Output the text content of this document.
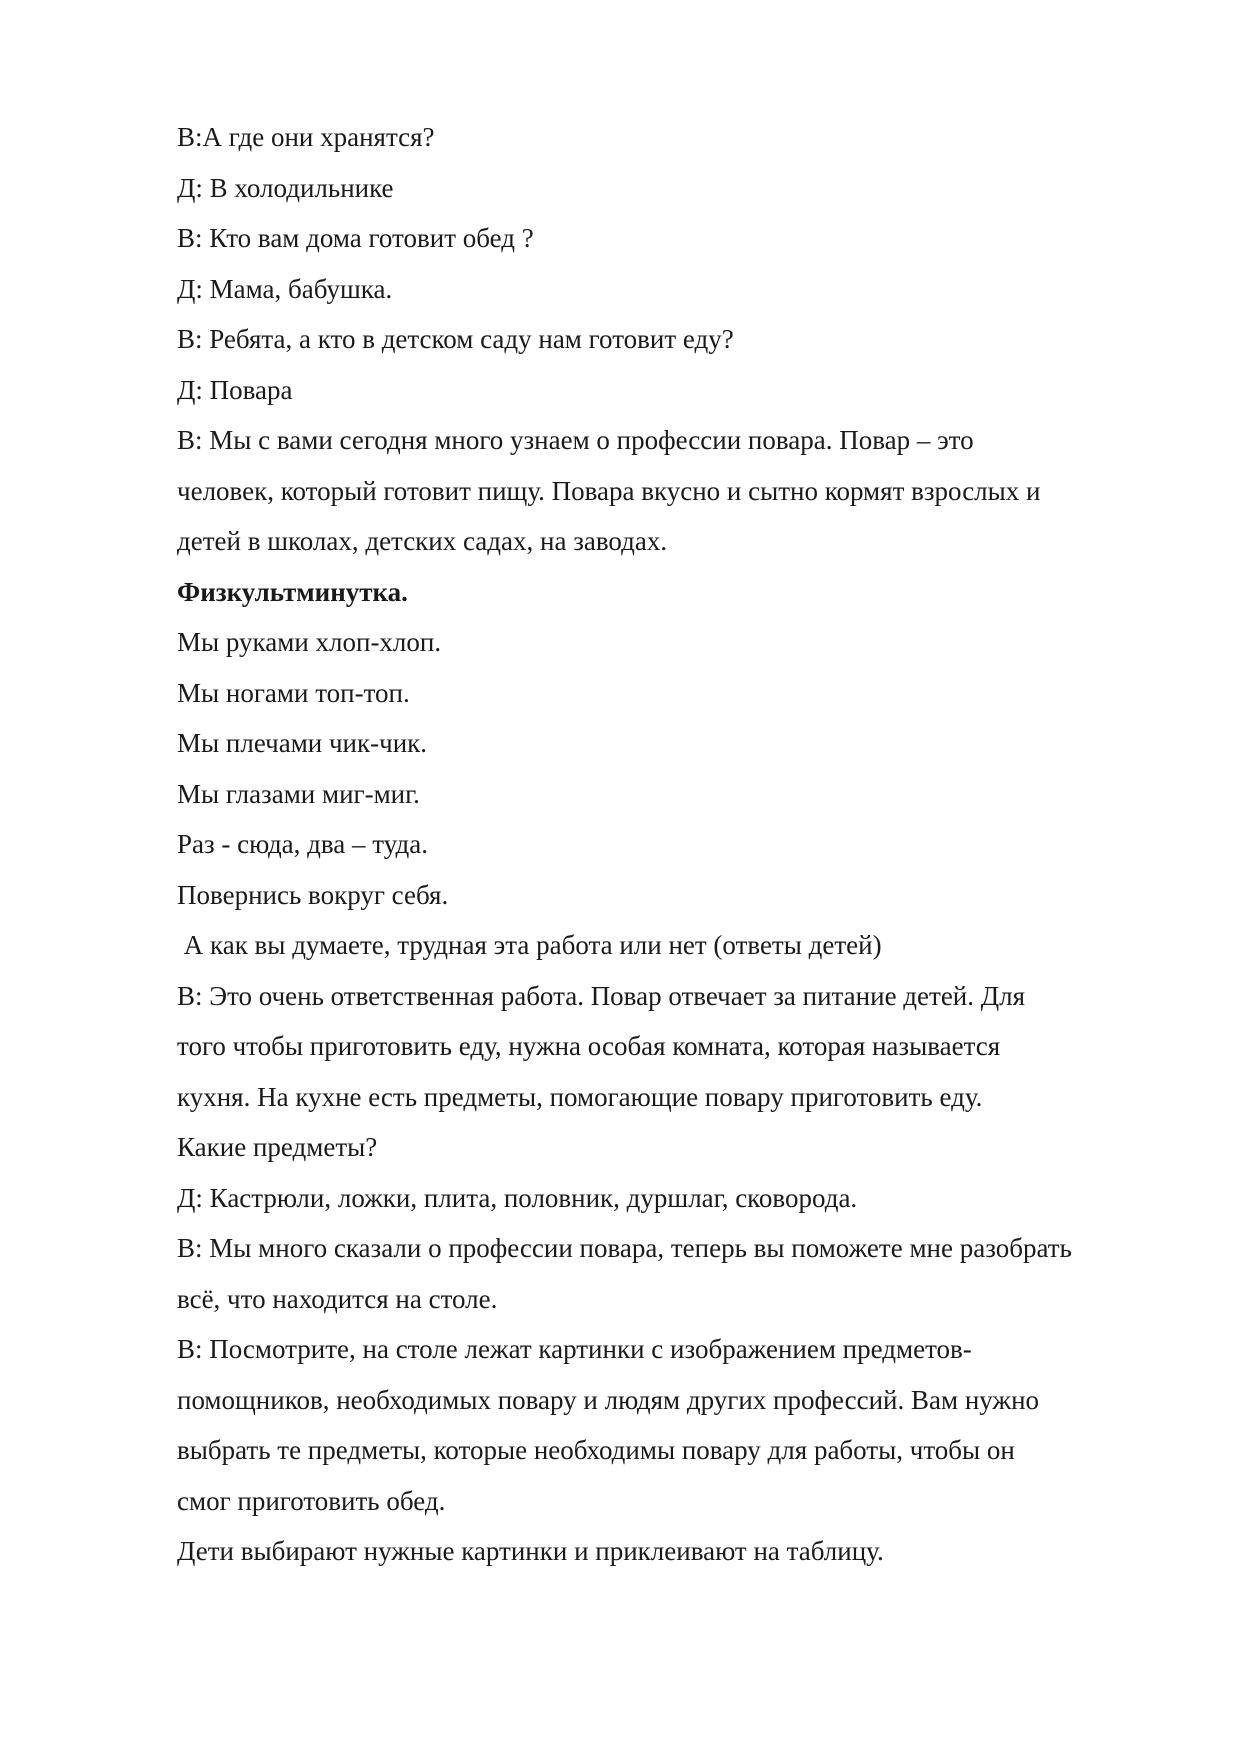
В:А где они хранятся?

Д: В холодильнике

В: Кто вам дома готовит обед ?

Д: Мама, бабушка.

В: Ребята, а кто в детском саду нам готовит еду?

Д: Повара

В: Мы с вами сегодня много узнаем о профессии повара. Повар – это

человек, который готовит пищу. Повара вкусно и сытно кормят взрослых и

детей в школах, детских садах, на заводах.

Физкультминутка.

Мы руками хлоп-хлоп.

Мы ногами топ-топ.

Мы плечами чик-чик.

Мы глазами миг-миг.

Раз - сюда, два – туда.

Повернись вокруг себя.

А как вы думаете, трудная эта работа или нет (ответы детей)

В: Это очень ответственная работа. Повар отвечает за питание детей. Для

того чтобы приготовить еду, нужна особая комната, которая называется

кухня. На кухне есть предметы, помогающие повару приготовить еду.

Какие предметы?

Д: Кастрюли, ложки, плита, половник, дуршлаг, сковорода.

В: Мы много сказали о профессии повара, теперь вы поможете мне разобрать

всё, что находится на столе.

В: Посмотрите, на столе лежат картинки с изображением предметов-

помощников, необходимых повару и людям других профессий. Вам нужно

выбрать те предметы, которые необходимы повару для работы, чтобы он

смог приготовить обед.

Дети выбирают нужные картинки и приклеивают на таблицу.
